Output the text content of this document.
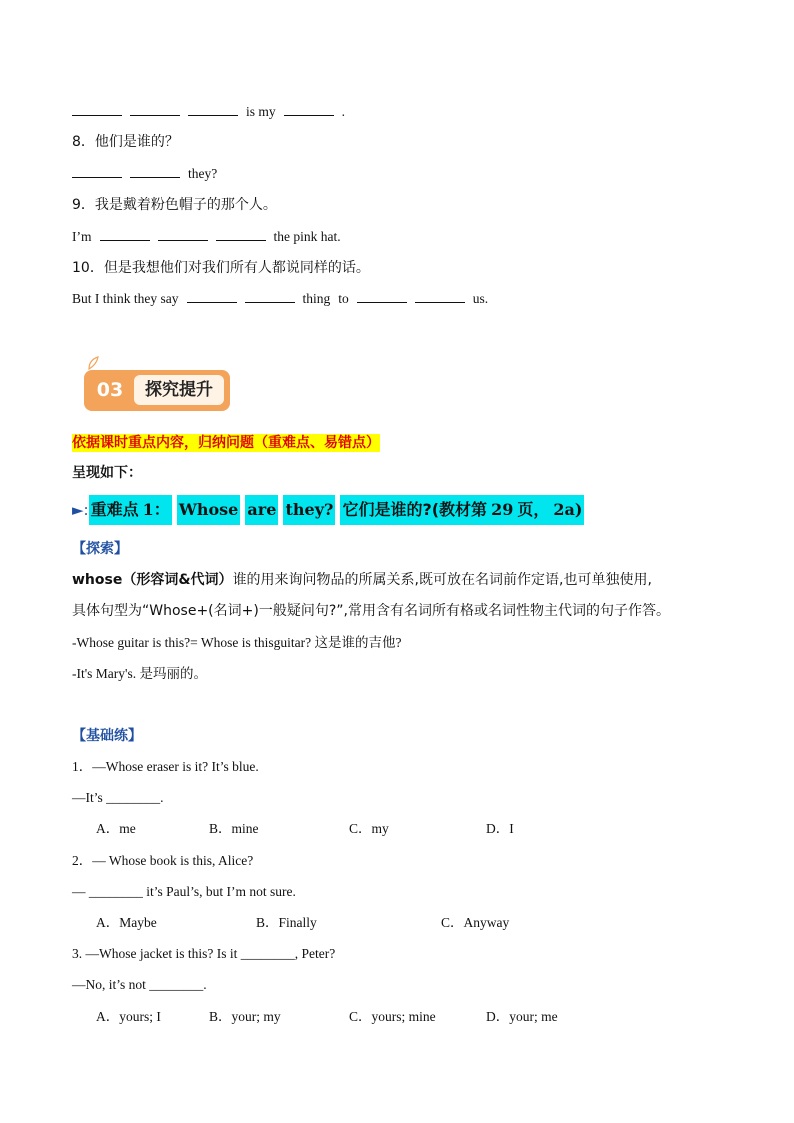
is my	.
8．他们是谁的？
they?
9．我是戴着粉色帽子的那个人。
I’m	the pink hat.
10．但是我想他们对我们所有人都说同样的话。
But I think they say	thing to	us.
03	探究提升
依据课时重点内容，归纳问题（重难点、易错点）
呈现如下：
►: 重难点 1： Whose are they? 它们是谁的?(教材第 29 页， 2a)
【探索】
whose（形容词&代词）谁的用来询问物品的所属关系,既可放在名词前作定语,也可单独使用,
具体句型为“Whose+(名词+)一般疑问句?”,常用含有名词所有格或名词性物主代词的句子作答。
-Whose guitar is this?= Whose is thisguitar? 这是谁的吉他?
-It's Mary's. 是玛丽的。
【基础练】
1．—Whose eraser is it? It’s blue.
—It’s ________.
A．me	B．mine	C．my	D．I
2．— Whose book is this, Alice?
— ________ it’s Paul’s, but I’m not sure.
A．Maybe	B．Finally	C．Anyway
3. —Whose jacket is this? Is it ________, Peter?
—No, it’s not ________.
A．yours; I	B．your; my	C．yours; mine	D．your; me
